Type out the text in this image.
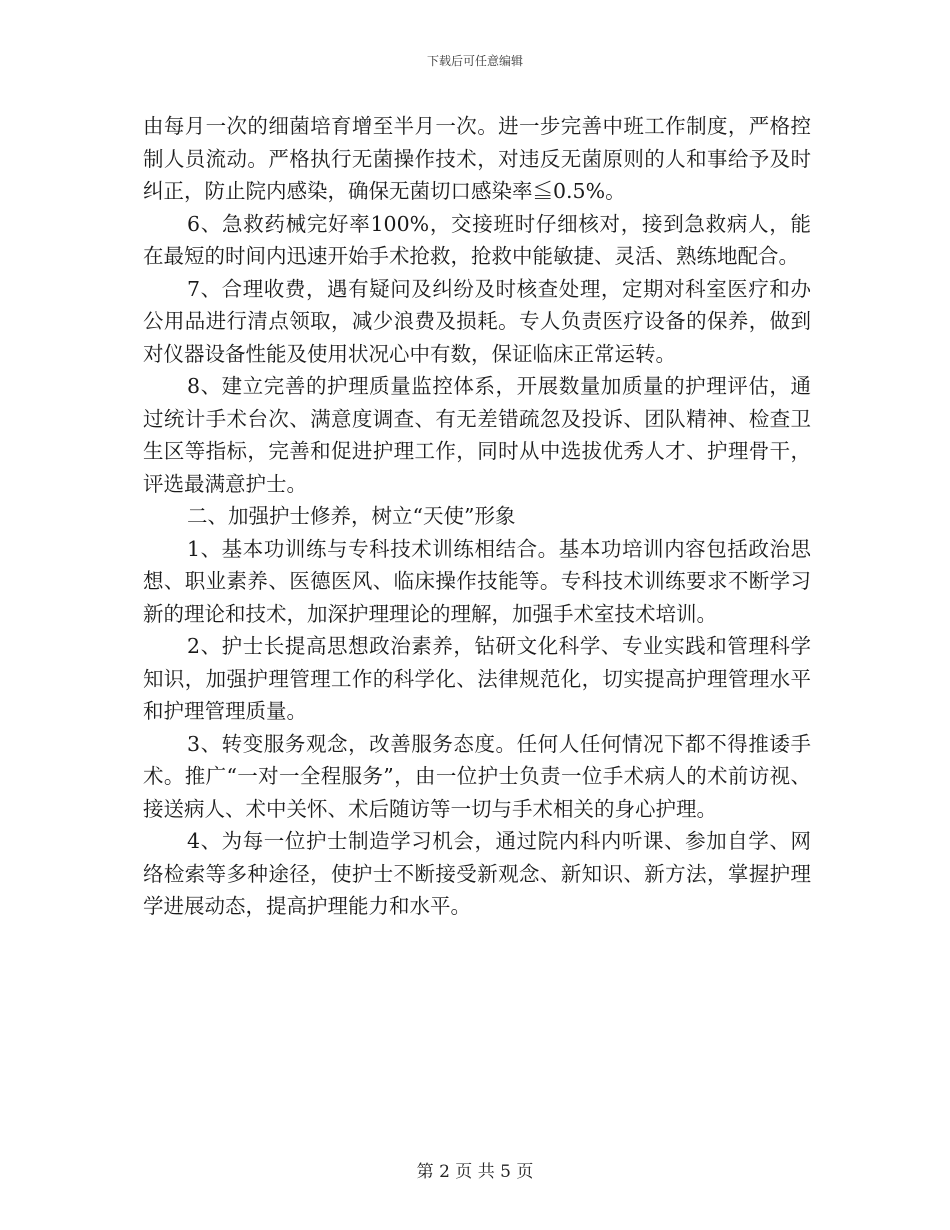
下载后可任意编辑

由每月一次的细菌培育增至半月一次。进一步完善中班工作制度，严格控制人员流动。严格执行无菌操作技术，对违反无菌原则的人和事给予及时纠正，防止院内感染，确保无菌切口感染率≦0.5%。

6、急救药械完好率100%，交接班时仔细核对，接到急救病人，能在最短的时间内迅速开始手术抢救，抢救中能敏捷、灵活、熟练地配合。

7、合理收费，遇有疑问及纠纷及时核查处理，定期对科室医疗和办公用品进行清点领取，减少浪费及损耗。专人负责医疗设备的保养，做到对仪器设备性能及使用状况心中有数，保证临床正常运转。

8、建立完善的护理质量监控体系，开展数量加质量的护理评估，通过统计手术台次、满意度调查、有无差错疏忽及投诉、团队精神、检查卫生区等指标，完善和促进护理工作，同时从中选拔优秀人才、护理骨干，评选最满意护士。

二、加强护士修养，树立“天使”形象

1、基本功训练与专科技术训练相结合。基本功培训内容包括政治思想、职业素养、医德医风、临床操作技能等。专科技术训练要求不断学习新的理论和技术，加深护理理论的理解，加强手术室技术培训。

2、护士长提高思想政治素养，钻研文化科学、专业实践和管理科学知识，加强护理管理工作的科学化、法律规范化，切实提高护理管理水平和护理管理质量。

3、转变服务观念，改善服务态度。任何人任何情况下都不得推诿手术。推广“一对一全程服务”，由一位护士负责一位手术病人的术前访视、接送病人、术中关怀、术后随访等一切与手术相关的身心护理。

4、为每一位护士制造学习机会，通过院内科内听课、参加自学、网络检索等多种途径，使护士不断接受新观念、新知识、新方法，掌握护理学进展动态，提高护理能力和水平。

第 2 页 共 5 页
